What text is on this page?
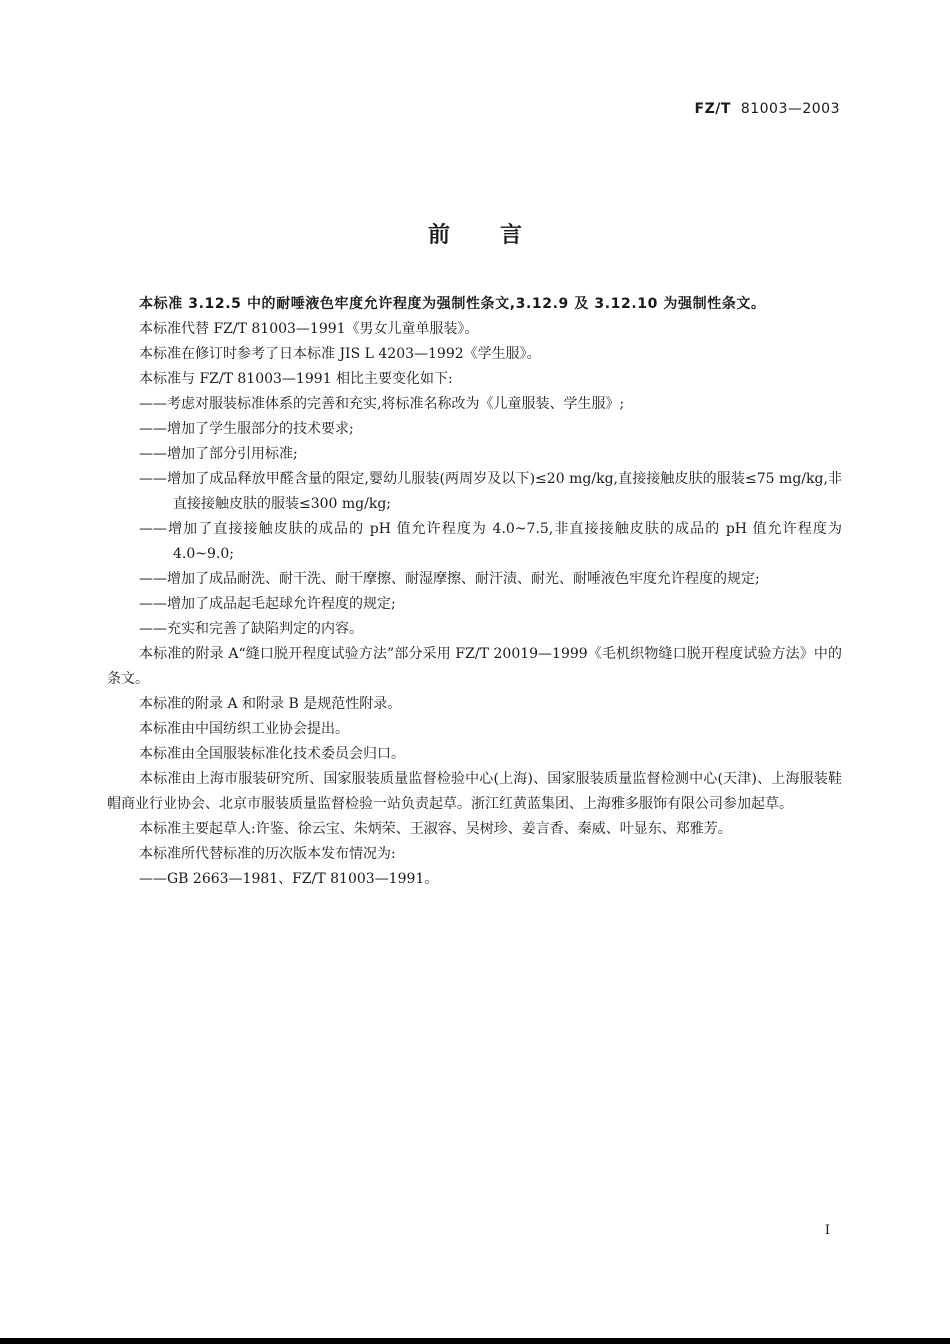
FZ/T 81003—2003
前言

本标准 3.12.5 中的耐唾液色牢度允许程度为强制性条文,3.12.9 及 3.12.10 为强制性条文。

本标准代替 FZ/T 81003—1991《男女儿童单服装》。

本标准在修订时参考了日本标准 JIS L 4203—1992《学生服》。

本标准与 FZ/T 81003—1991 相比主要变化如下:

——考虑对服装标准体系的完善和充实,将标准名称改为《儿童服装、学生服》;

——增加了学生服部分的技术要求;

——增加了部分引用标准;

——增加了成品释放甲醛含量的限定,婴幼儿服装(两周岁及以下)≤20 mg/kg,直接接触皮肤的服装≤75 mg/kg,非直接接触皮肤的服装≤300 mg/kg;

——增加了直接接触皮肤的成品的 pH 值允许程度为 4.0~7.5,非直接接触皮肤的成品的 pH 值允许程度为 4.0~9.0;

——增加了成品耐洗、耐干洗、耐干摩擦、耐湿摩擦、耐汗渍、耐光、耐唾液色牢度允许程度的规定;

——增加了成品起毛起球允许程度的规定;

——充实和完善了缺陷判定的内容。

本标准的附录 A“缝口脱开程度试验方法”部分采用 FZ/T 20019—1999《毛机织物缝口脱开程度试验方法》中的条文。

本标准的附录 A 和附录 B 是规范性附录。

本标准由中国纺织工业协会提出。

本标准由全国服装标准化技术委员会归口。

本标准由上海市服装研究所、国家服装质量监督检验中心(上海)、国家服装质量监督检测中心(天津)、上海服装鞋帽商业行业协会、北京市服装质量监督检验一站负责起草。浙江红黄蓝集团、上海雅多服饰有限公司参加起草。

本标准主要起草人:许鉴、徐云宝、朱炳荣、王淑容、吴树珍、姜言香、秦威、叶显东、郑雅芳。

本标准所代替标准的历次版本发布情况为:

——GB 2663—1981、FZ/T 81003—1991。

I
